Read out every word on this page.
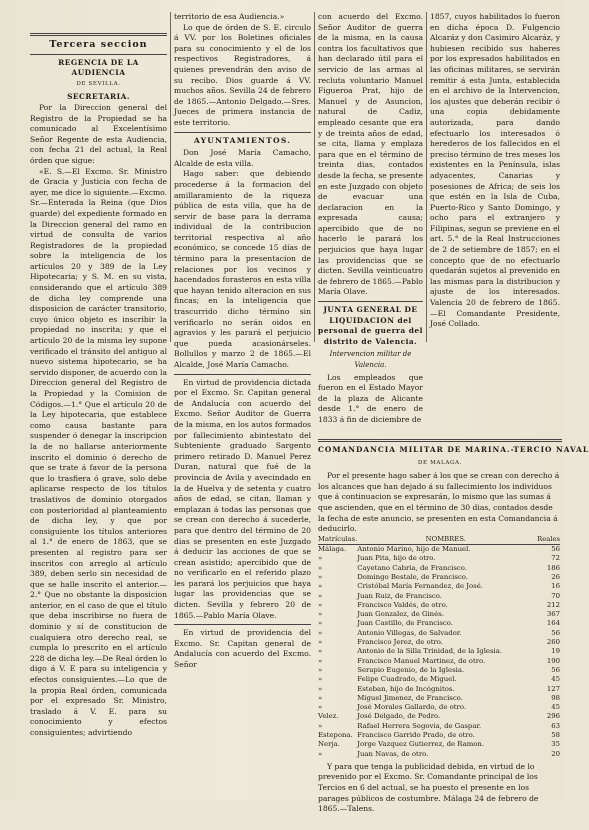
Tercera seccion
REGENCIA DE LA AUDIENCIA
DE SEVILLA.
SECRETARIA.

Por la Direccion general del Registro de la Propiedad se ha comunicado al Excelentísimo Señor Regente de esta Audiencia, con fecha 21 del actual, la Real órden que sigue:

«E. S.—El Excmo. Sr. Ministro de Gracia y Justicia con fecha de ayer, me dice lo siguiente.—Excmo. Sr.—Enterada la Reina (que Dios guarde) del expediente formado en la Direccion general del ramo en virtud de consulta de varios Registradores de la propiedad sobre la inteligencia de los artículos 20 y 389 de la Ley Hipotecaria; y S. M. en su vista, considerando que el artículo 389 de dicha ley comprende una disposicion de carácter transitorio, cuyo único objeto es inscribir la propiedad no inscrita; y que el artículo 20 de la misma ley supone verificado el tránsito del antiguo al nuevo sistema hipotecario, se ha servido disponer, de acuerdo con la Direccion general del Registro de la Propiedad y la Comision de Códigos.—1.° Que el artículo 20 de la Ley hipotecaria, que establece como causa bastante para suspender ó denegar la inscripcion la de no hallarse anteriormente inscrito el dominio ó derecho de que se trate á favor de la persona que lo trasfiera ó grave, solo debe aplicarse respecto de los títulos traslativos de dominio otorgados con posterioridad al planteamiento de dicha ley, y que por consiguiente los títulos anteriores al 1.° de enero de 1863, que se presenten al registro para ser inscritos con arreglo al artículo 389, deben serlo sin necesidad de que se halle inscrito el anterior.—2.° Que no obstante la disposicion anterior, en el caso de que el título que deba inscribirse no fuera de dominio y sí de constitucion de cualquiera otro derecho real, se cumpla lo prescrito en el artículo 228 de dicha ley.—De Real órden lo digo á V. E para su inteligencia y efectos consiguientes.—Lo que de la propia Real órden, comunicada por el expresado Sr. Ministro, traslado á V. E. para su conocimiento y efectos consiguientes; advirtiendo

territorio de esa Audiencia.»

Lo que de órden de S. E. circulo á VV. por los Boletines oficiales para su conocimiento y el de los respectivos Registradores, á quienes prevendrán den aviso de su recibo. Dios guarde á VV. muchos años. Sevilla 24 de febrero de 1865.—Antonio Delgado.—Sres. Jueces de primera instancia de este territorio.

AYUNTAMIENTOS.

Don José María Camacho, Alcalde de esta villa.

Hago saber: que debiendo procederse á la formacion del amillaramiento de la riqueza pública de esta villa, que ha de servir de base para la derrama individual de la contribucion territorial respectiva al año económico, se concede 15 días de término para la presentacion de relaciones por los vecinos y hacendados forasteros en esta villa que hayan tenido alteracion en sus fincas; en la inteligencia que trascurrido dicho término sin verificarlo no serán oidos en agravios y les parará el perjuicio que pueda acasionárseles. Bollullos y marzo 2 de 1865.—El Alcalde, José María Camacho.

En virtud de providencia dictada por el Excmo. Sr. Capitan general de Andalucía con acuerdo del Excmo. Señor Auditor de Guerra de la misma, en los autos formados por fallecimiento abintestato del Subteniente graduado Sargento primero retirado D. Manuel Perez Duran, natural que fué de la provincia de Avila y avecindado en la de Huelva y de setenta y cuatro años de edad, se citan, llaman y emplazan á todas las personas que se crean con derecho á sucederle, para que dentro del término de 20 dias se presenten en este Juzgado á deducir las acciones de que se crean asistido; apercibido que de no verificarlo en el referido plazo les parará los perjuicios que haya lugar las providencias que se dicten. Sevilla y febrero 20 de 1865.—Pablo María Olave.

En virtud de providencia del Excmo. Sr. Capitan general de Andalucía con acuerdo del Excmo. Señor

con acuerdo del Excmo. Señor Auditor de guerra de la misma, en la causa contra los facultativos que han declarado útil para el servicio de las armas al recluta voluntario Manuel Figueroa Prat, hijo de Manuel y de Asuncion, natural de Cadiz, empleado cesante que era y de treinta años de edad, se cita, llama y emplaza para que en el término de treinta dias, contados desde la fecha, se presente en este Juzgado con objeto de evacuar una declaracion en la expresada causa; apercibido que de no hacerlo le parará los perjuicios que haya lugar las providencias que se dicten. Sevilla veinticuatro de febrero de 1865.—Pablo María Olave.

JUNTA GENERAL DE LIQUIDACION del personal de guerra del distrito de Valencia.
Intervencion militar de Valencia.

Los empleados que fueron en el Estado Mayor de la plaza de Alicante desde 1.° de enero de 1833 á fin de diciembre de

1857, cuyos habilitados lo fueron en dicha época D. Fulgencio Alcaráz y don Casimiro Alcaráz, y hubiesen recibido sus haberes por los expresados habilitados en las oficinas militares, se servirán remitir á esta Junta, establecida en el archivo de la Intervencion, los ajustes que deberán recibir ó una copia debidamente autorizada, para dando efectuarlo los interesados ó herederos de los fallecidos en el preciso término de tres meses los existentes en la Península, islas adyacentes, Canarias y posesiones de Africa; de seis los que estén en la Isla de Cuba, Puerto-Rico y Santo Domingo, y ocho para el extranjero y Filipinas, segun se previene en el art. 5.° de la Real Instrucciones de 2 de setiembre de 1857; en el concepto que de no efectuarlo quedarán sujetos al prevenido en las mismas para la distribucion y ajuste de los interesados. Valencia 20 de febrero de 1865.—El Comandante Presidente, José Collado.

COMANDANCIA MILITAR DE MARINA.-TERCIO NAVAL
DE MALAGA.

Por el presente hago saber á los que se crean con derecho á los alcances que han dejado á su fallecimiento los individuos que á continuacion se expresarán, lo mismo que las sumas á que ascienden, que en el término de 30 dias, contados desde la fecha de este anuncio, se presenten en esta Comandancia á deducirlo.

Matrículas.	NOMBRES.	Reales
Málaga.	Antonio Marino, hijo de Manuel.	56
»	Juan Pita, hijo de otro.	72
»	Cayetano Cabria, de Francisco.	186
»	Domingo Bestale, de Francisco.	26
»	Cristóbal María Fernandez, de José.	16
»	Juan Ruiz, de Francisco.	70
»	Francisco Valdés, de otro.	212
»	Juan Gonzalez, de Ginés.	367
»	Juan Castillo, de Francisco.	164
»	Antonio Villegas, de Salvador.	56
»	Francisco Jerez, de otro.	260
»	Antonio de la Silla Trinidad, de la Iglesia.	19
»	Francisco Manuel Martinez, de otro.	190
»	Serapio Eugenio, de la Iglesia.	56
»	Felipe Cuadrado, de Miguel.	45
»	Esteban, hijo de Incógnitos.	127
»	Miguel Jimenez, de Francisco.	98
»	José Morales Gallardo, de otro.	45
Velez.	José Delgado, de Pedro.	296
»	Rafael Herrera Segovia, de Gaspar.	63
Estepona.	Francisco Garrido Prado, de otro.	58
Nerja.	Jorge Vazquez Gutierrez, de Ramon.	35
»	Juan Navas, de otro.	20

Y para que tenga la publicidad debida, en virtud de lo prevenido por el Excmo. Sr. Comandante principal de los Tercios en 6 del actual, se ha puesto el presente en los parages públicos de costumbre. Málaga 24 de febrero de 1865.—Talens.
